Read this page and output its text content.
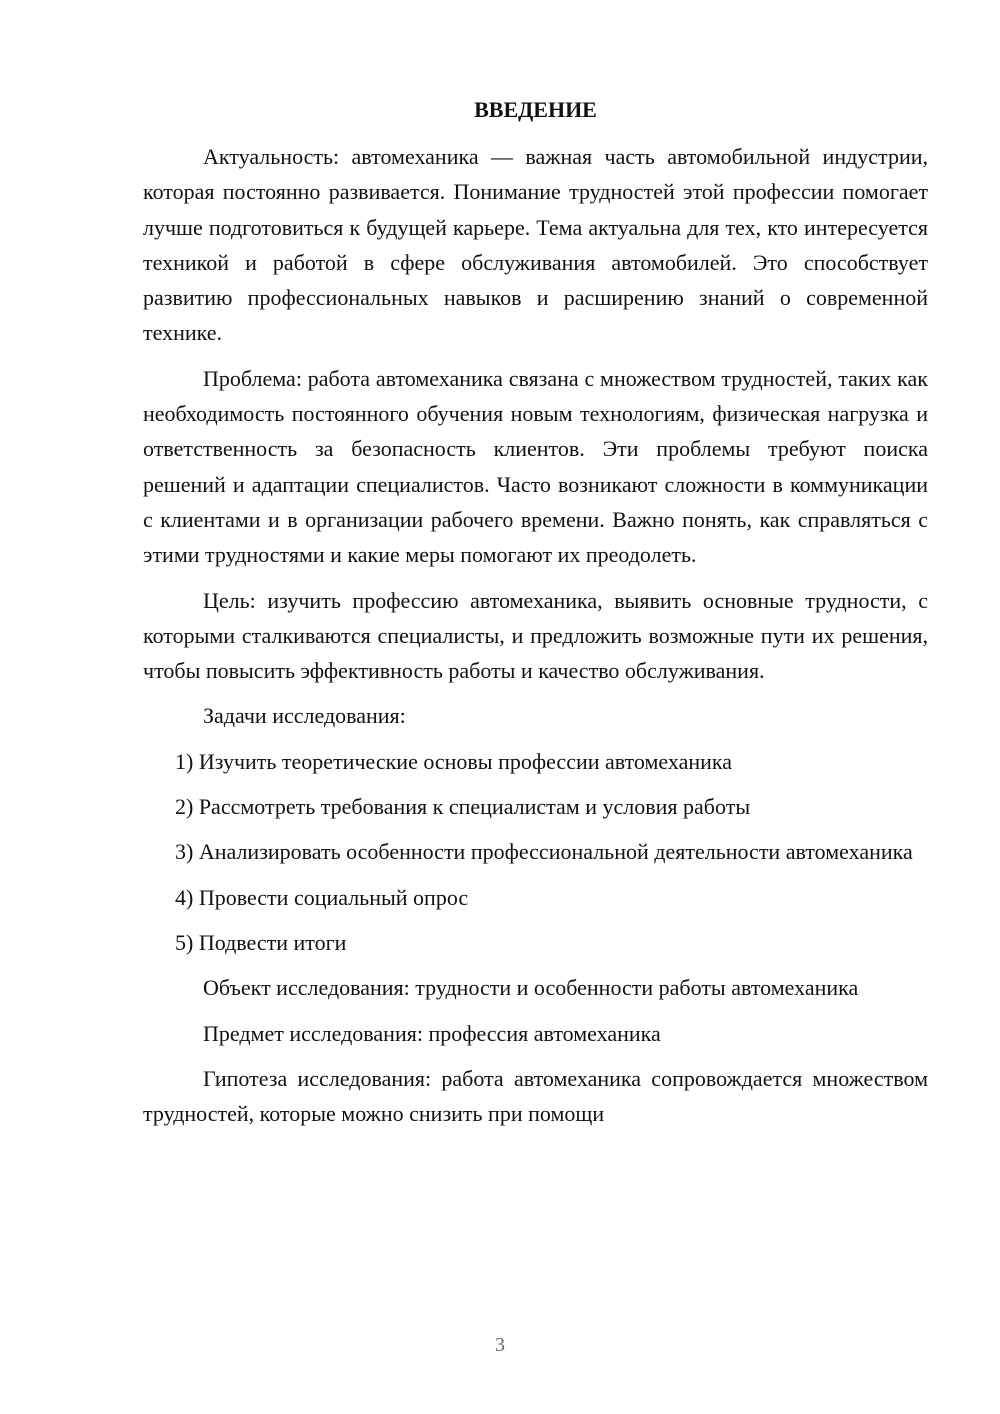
ВВЕДЕНИЕ

Актуальность: автомеханика — важная часть автомобильной индустрии, которая постоянно развивается. Понимание трудностей этой профессии помогает лучше подготовиться к будущей карьере. Тема актуальна для тех, кто интересуется техникой и работой в сфере обслуживания автомобилей. Это способствует развитию профессиональных навыков и расширению знаний о современной технике.

Проблема: работа автомеханика связана с множеством трудностей, таких как необходимость постоянного обучения новым технологиям, физическая нагрузка и ответственность за безопасность клиентов. Эти проблемы требуют поиска решений и адаптации специалистов. Часто возникают сложности в коммуникации с клиентами и в организации рабочего времени. Важно понять, как справляться с этими трудностями и какие меры помогают их преодолеть.

Цель: изучить профессию автомеханика, выявить основные трудности, с которыми сталкиваются специалисты, и предложить возможные пути их решения, чтобы повысить эффективность работы и качество обслуживания.

Задачи исследования:

1) Изучить теоретические основы профессии автомеханика

2) Рассмотреть требования к специалистам и условия работы

3) Анализировать особенности профессиональной деятельности автомеханика

4) Провести социальный опрос

5) Подвести итоги

Объект исследования: трудности и особенности работы автомеханика

Предмет исследования: профессия автомеханика

Гипотеза исследования: работа автомеханика сопровождается множеством трудностей, которые можно снизить при помощи

3
